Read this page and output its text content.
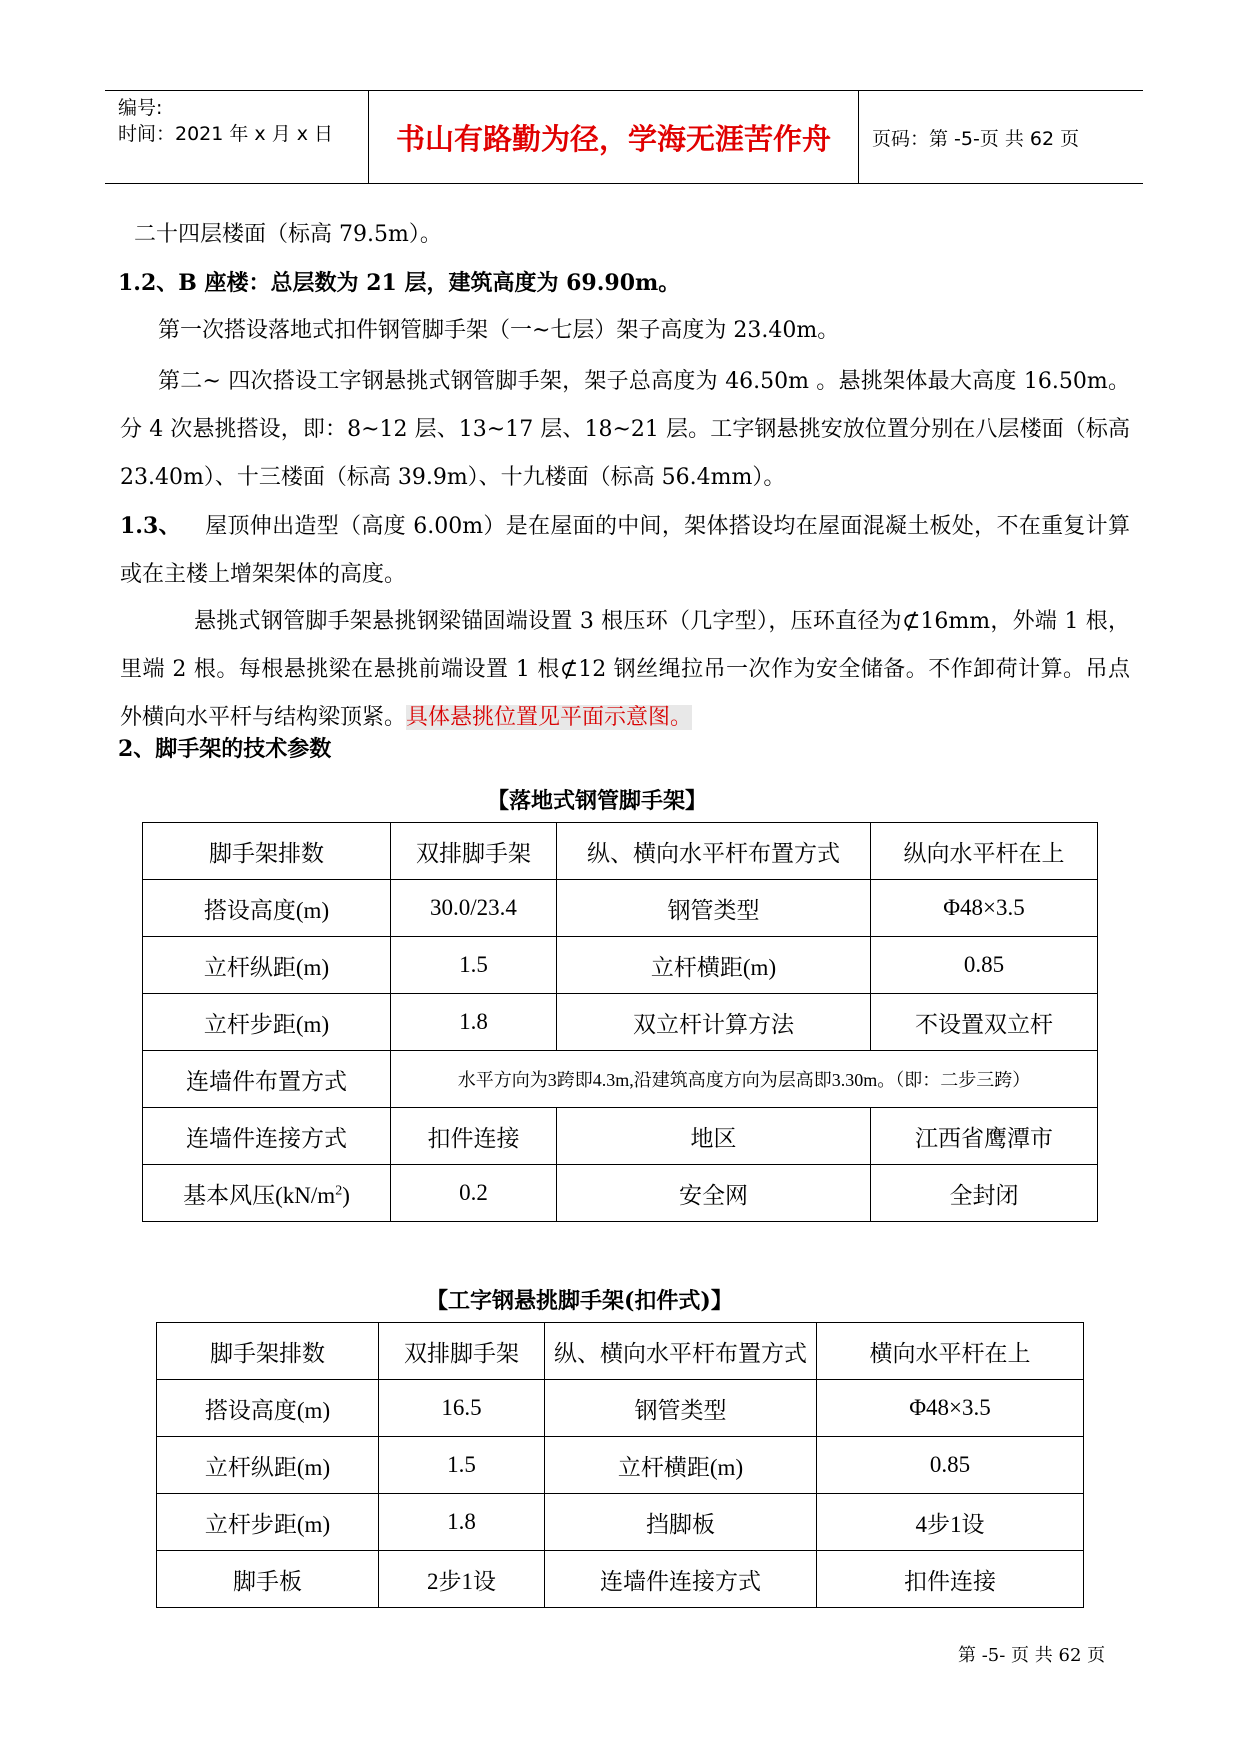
编号:
时间：2021 年 x 月 x 日	书山有路勤为径，学海无涯苦作舟	页码：第 -5-页 共 62 页
二十四层楼面（标高 79.5m）。
1.2、B 座楼：总层数为 21 层，建筑高度为 69.90m。
第一次搭设落地式扣件钢管脚手架（一~七层）架子高度为 23.40m。
第二~ 四次搭设工字钢悬挑式钢管脚手架，架子总高度为 46.50m 。悬挑架体最大高度 16.50m。分 4 次悬挑搭设，即：8~12 层、13~17 层、18~21 层。工字钢悬挑安放位置分别在八层楼面（标高 23.40m）、十三楼面（标高 39.9m）、十九楼面（标高 56.4mm）。
1.3、 屋顶伸出造型（高度 6.00m）是在屋面的中间，架体搭设均在屋面混凝土板处，不在重复计算或在主楼上增架架体的高度。
悬挑式钢管脚手架悬挑钢梁锚固端设置 3 根压环（几字型），压环直径为⊄16mm，外端 1 根，里端 2 根。每根悬挑梁在悬挑前端设置 1 根⊄12 钢丝绳拉吊一次作为安全储备。不作卸荷计算。吊点外横向水平杆与结构梁顶紧。具体悬挑位置见平面示意图。
2、脚手架的技术参数
【落地式钢管脚手架】
脚手架排数	双排脚手架	纵、横向水平杆布置方式	纵向水平杆在上
搭设高度(m)	30.0/23.4	钢管类型	Φ48×3.5
立杆纵距(m)	1.5	立杆横距(m)	0.85
立杆步距(m)	1.8	双立杆计算方法	不设置双立杆
连墙件布置方式	水平方向为3跨即4.3m,沿建筑高度方向为层高即3.30m。（即：二步三跨）		
连墙件连接方式	扣件连接	地区	江西省鹰潭市
基本风压$(kN/m^2)$	0.2	安全网	全封闭
【工字钢悬挑脚手架(扣件式)】
脚手架排数	双排脚手架	纵、横向水平杆布置方式	横向水平杆在上
搭设高度(m)	16.5	钢管类型	Φ48×3.5
立杆纵距(m)	1.5	立杆横距(m)	0.85
立杆步距(m)	1.8	挡脚板	4步1设
脚手板	2步1设	连墙件连接方式	扣件连接
第 -5- 页 共 62 页
